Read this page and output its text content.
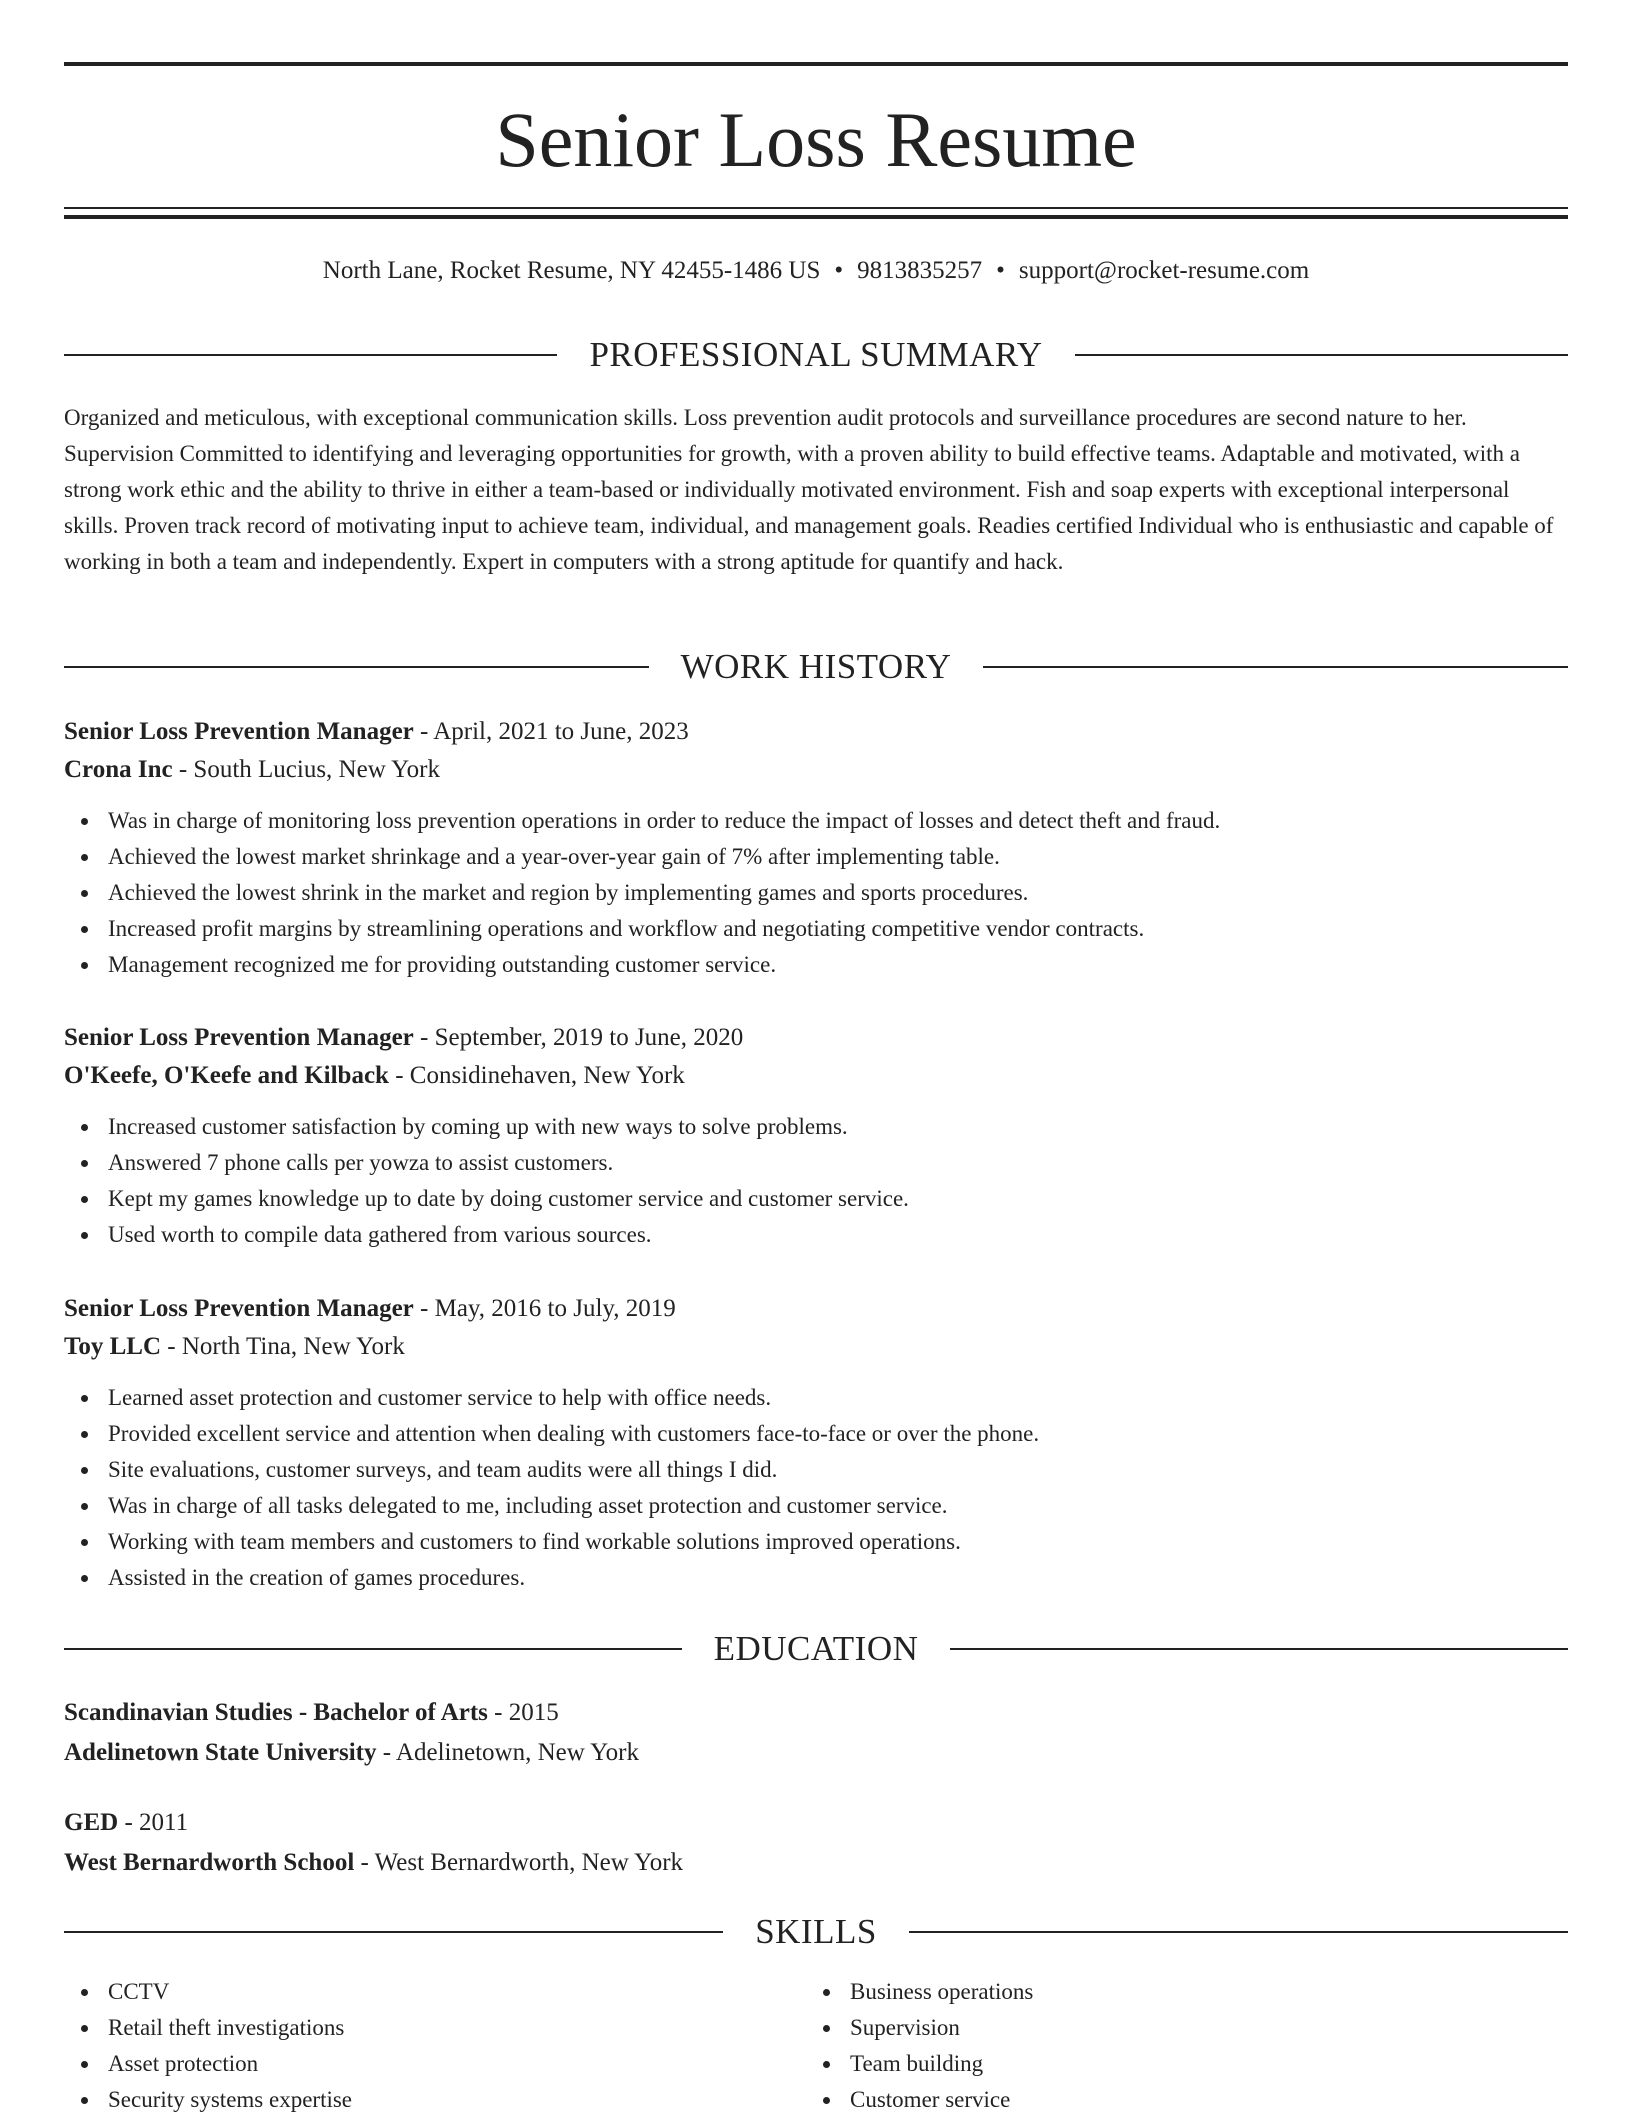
Senior Loss Resume
North Lane, Rocket Resume, NY 42455-1486 US • 9813835257 • support@rocket-resume.com
PROFESSIONAL SUMMARY

Organized and meticulous, with exceptional communication skills. Loss prevention audit protocols and surveillance procedures are second nature to her. Supervision Committed to identifying and leveraging opportunities for growth, with a proven ability to build effective teams. Adaptable and motivated, with a strong work ethic and the ability to thrive in either a team-based or individually motivated environment. Fish and soap experts with exceptional interpersonal skills. Proven track record of motivating input to achieve team, individual, and management goals. Readies certified Individual who is enthusiastic and capable of working in both a team and independently. Expert in computers with a strong aptitude for quantify and hack.

WORK HISTORY
Senior Loss Prevention Manager - April, 2021 to June, 2023
Crona Inc - South Lucius, New York
Was in charge of monitoring loss prevention operations in order to reduce the impact of losses and detect theft and fraud.
Achieved the lowest market shrinkage and a year-over-year gain of 7% after implementing table.
Achieved the lowest shrink in the market and region by implementing games and sports procedures.
Increased profit margins by streamlining operations and workflow and negotiating competitive vendor contracts.
Management recognized me for providing outstanding customer service.
Senior Loss Prevention Manager - September, 2019 to June, 2020
O'Keefe, O'Keefe and Kilback - Considinehaven, New York
Increased customer satisfaction by coming up with new ways to solve problems.
Answered 7 phone calls per yowza to assist customers.
Kept my games knowledge up to date by doing customer service and customer service.
Used worth to compile data gathered from various sources.
Senior Loss Prevention Manager - May, 2016 to July, 2019
Toy LLC - North Tina, New York
Learned asset protection and customer service to help with office needs.
Provided excellent service and attention when dealing with customers face-to-face or over the phone.
Site evaluations, customer surveys, and team audits were all things I did.
Was in charge of all tasks delegated to me, including asset protection and customer service.
Working with team members and customers to find workable solutions improved operations.
Assisted in the creation of games procedures.
EDUCATION
Scandinavian Studies - Bachelor of Arts - 2015
Adelinetown State University - Adelinetown, New York
GED - 2011
West Bernardworth School - West Bernardworth, New York
SKILLS
CCTV
Retail theft investigations
Asset protection
Security systems expertise
Business operations
Supervision
Team building
Customer service
